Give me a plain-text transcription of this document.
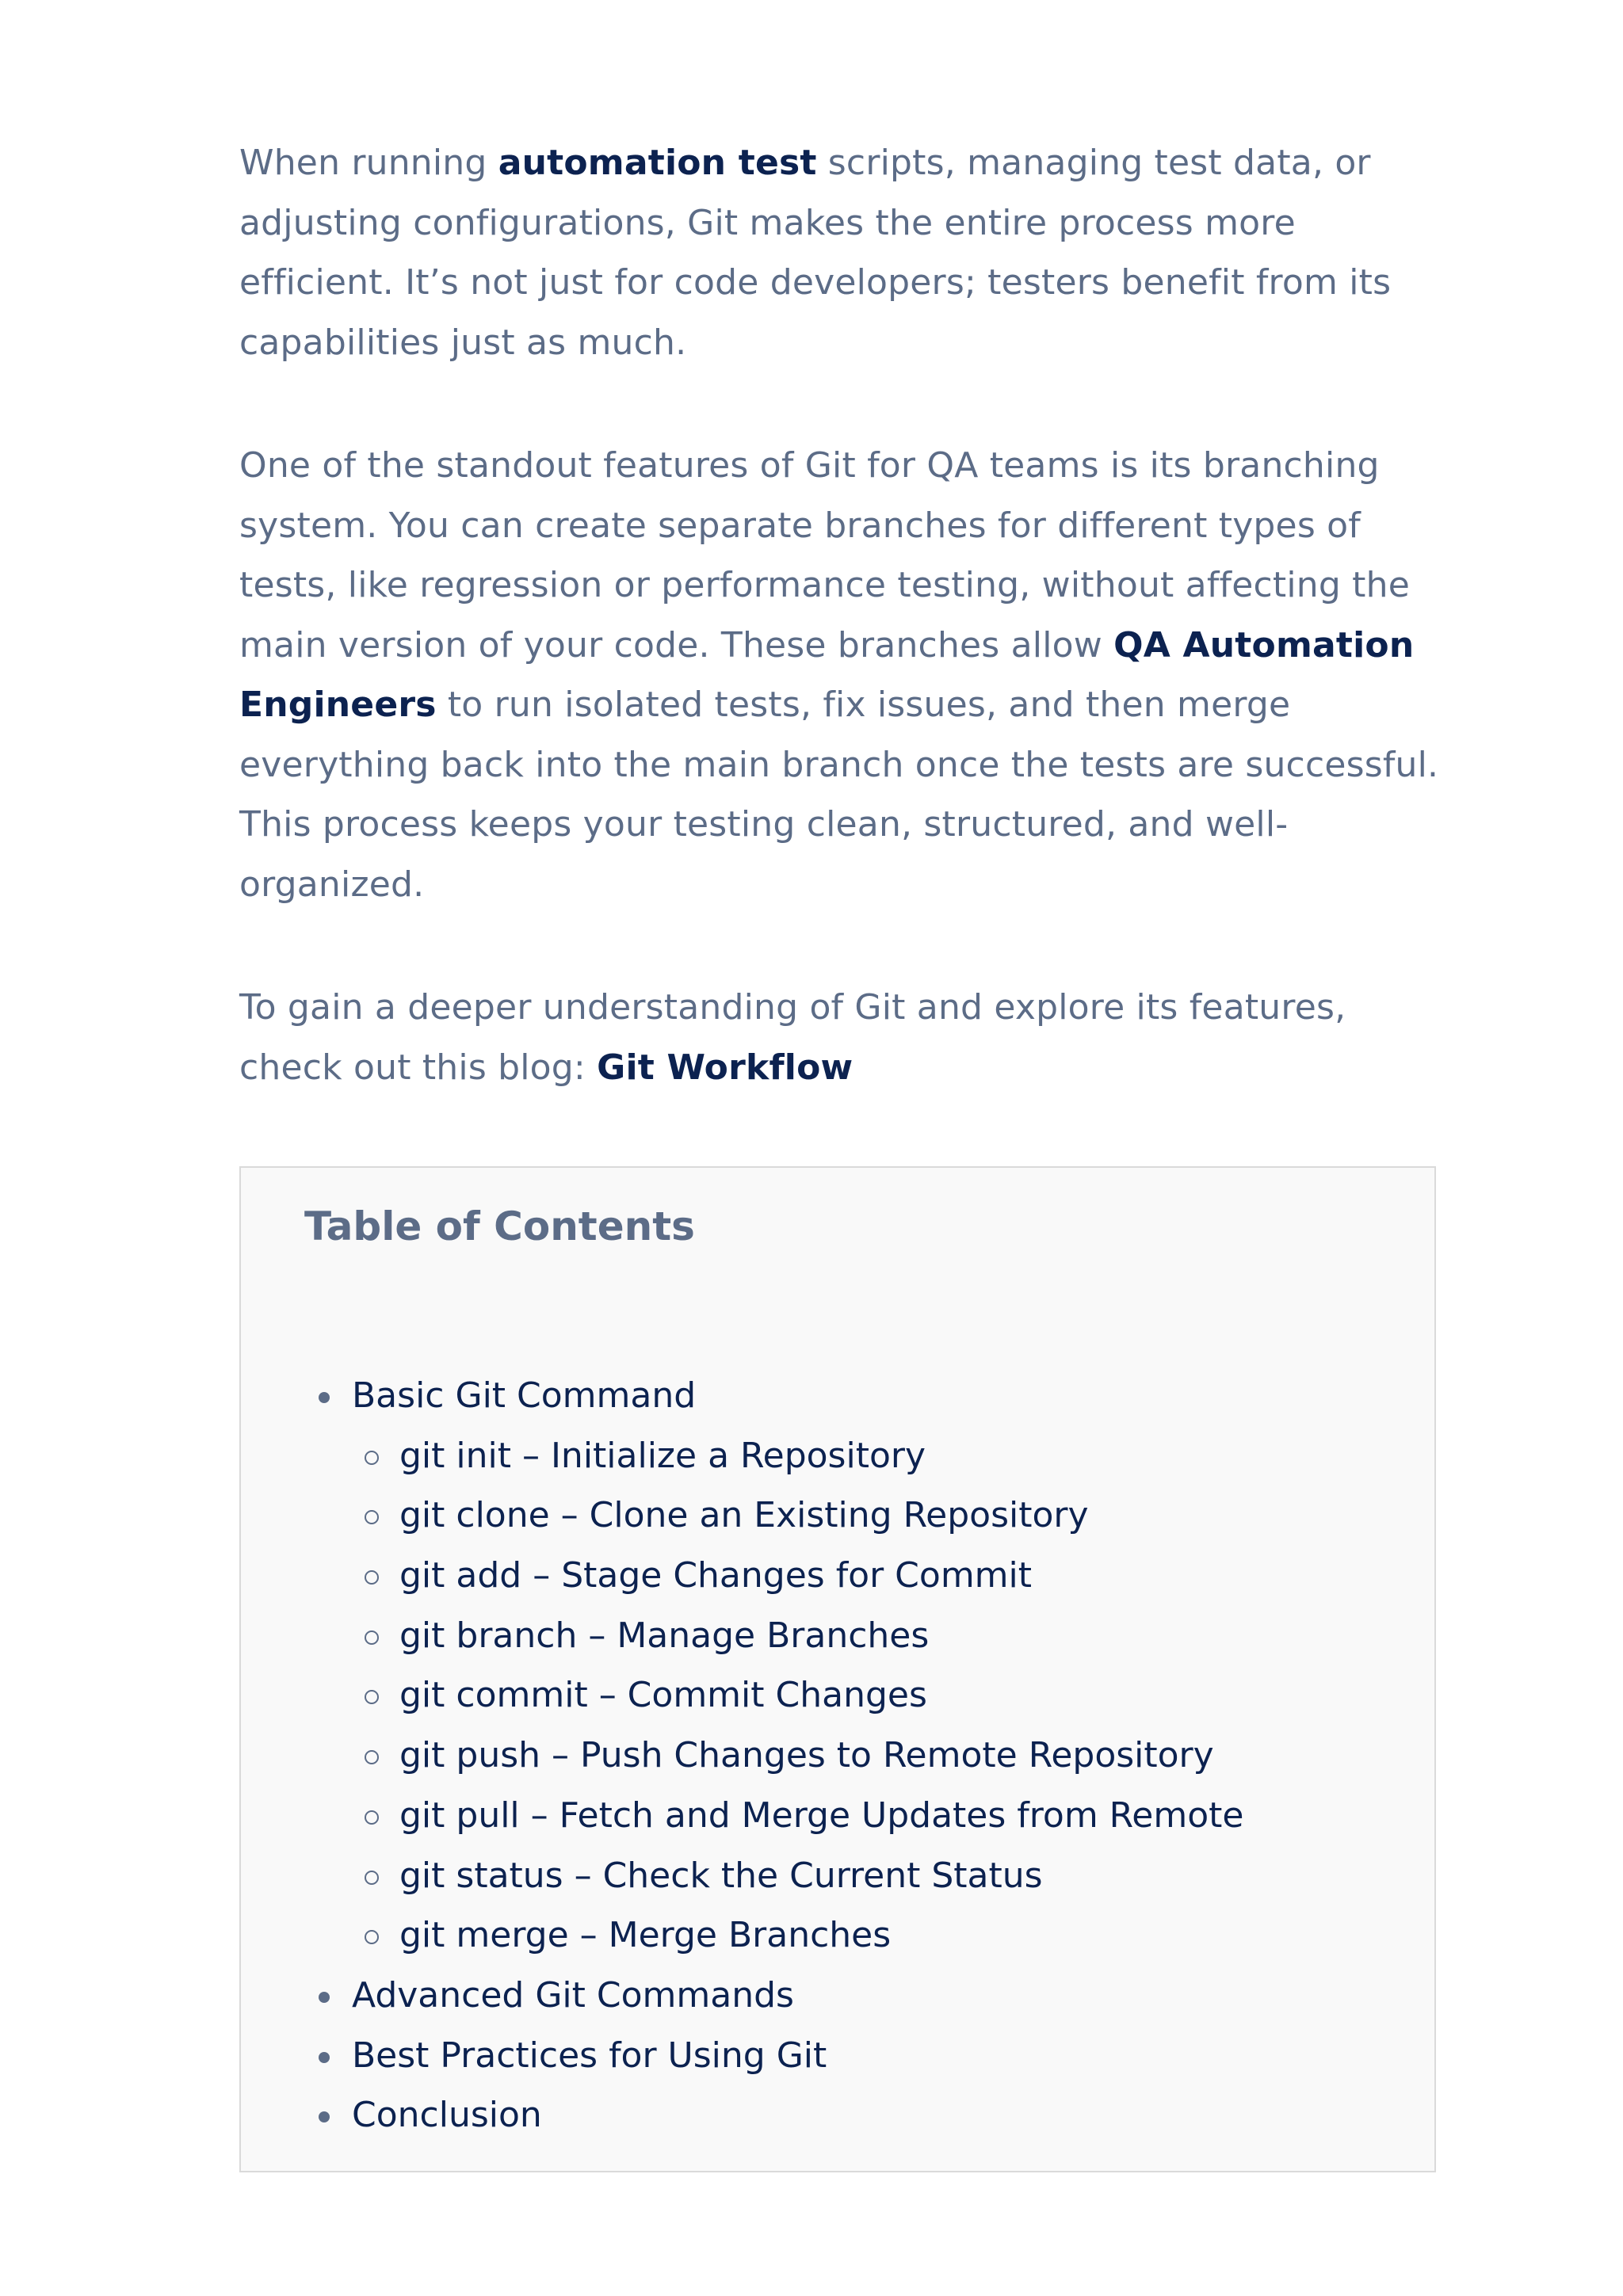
When running automation test scripts, managing test data, or adjusting configurations, Git makes the entire process more efficient. It’s not just for code developers; testers benefit from its capabilities just as much.

One of the standout features of Git for QA teams is its branching system. You can create separate branches for different types of tests, like regression or performance testing, without affecting the main version of your code. These branches allow QA Automation Engineers to run isolated tests, fix issues, and then merge everything back into the main branch once the tests are successful. This process keeps your testing clean, structured, and well-organized.

To gain a deeper understanding of Git and explore its features, check out this blog: Git Workflow

Table of Contents

Basic Git Command
git init – Initialize a Repository
git clone – Clone an Existing Repository
git add – Stage Changes for Commit
git branch – Manage Branches
git commit – Commit Changes
git push – Push Changes to Remote Repository
git pull – Fetch and Merge Updates from Remote
git status – Check the Current Status
git merge – Merge Branches
Advanced Git Commands
Best Practices for Using Git
Conclusion
